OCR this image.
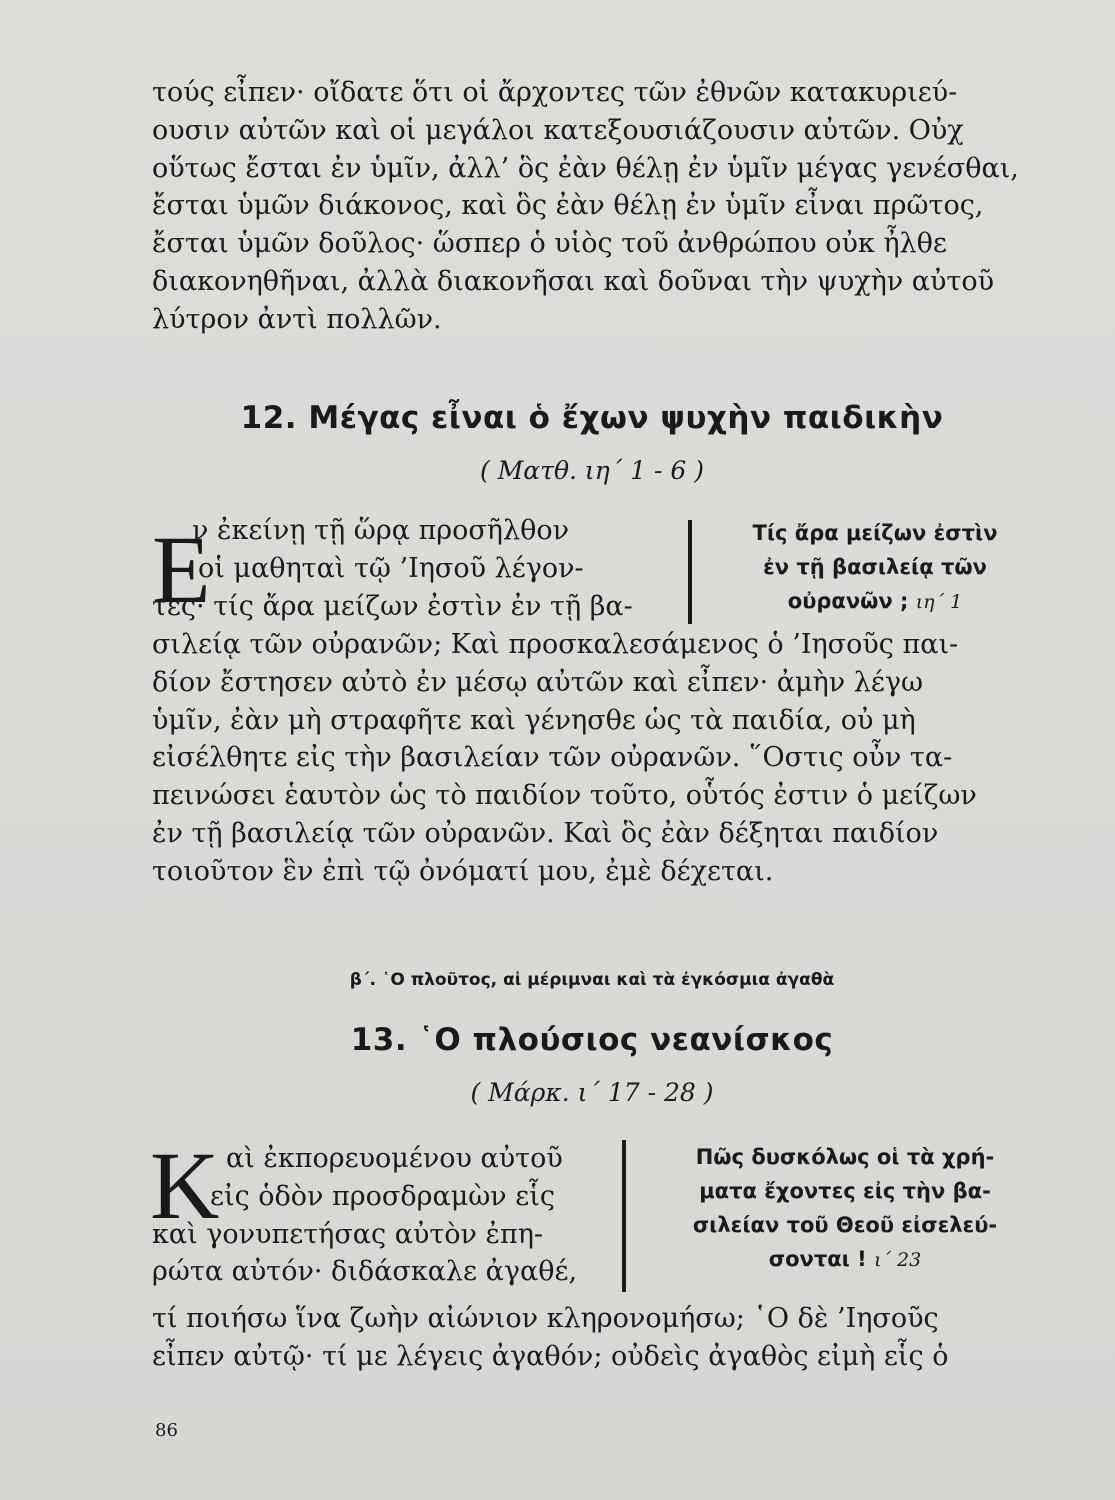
τούς εἶπεν· οἴδατε ὅτι οἱ ἄρχοντες τῶν ἐθνῶν κατακυριεύ-
ουσιν αὐτῶν καὶ οἱ μεγάλοι κατεξουσιάζουσιν αὐτῶν. Οὐχ
οὕτως ἔσται ἐν ὑμῖν, ἀλλ’ ὃς ἐὰν θέλῃ ἐν ὑμῖν μέγας γενέσθαι,
ἔσται ὑμῶν διάκονος, καὶ ὃς ἐὰν θέλῃ ἐν ὑμῖν εἶναι πρῶτος,
ἔσται ὑμῶν δοῦλος· ὥσπερ ὁ υἱὸς τοῦ ἀνθρώπου οὐκ ἦλθε
διακονηθῆναι, ἀλλὰ διακονῆσαι καὶ δοῦναι τὴν ψυχὴν αὐτοῦ
λύτρον ἀντὶ πολλῶν.
12. Μέγας εἶναι ὁ ἔχων ψυχὴν παιδικὴν

( Ματθ. ιη΄ 1 - 6 )

Ε
ν ἐκείνῃ τῇ ὥρᾳ προσῆλθον
οἱ μαθηταὶ τῷ ’Ιησοῦ λέγον-
τες· τίς ἄρα μείζων ἐστὶν ἐν τῇ βα-
Τίς ἄρα μείζων ἐστὶν
ἐν τῇ βασιλείᾳ τῶν
οὐρανῶν ; ιη΄ 1
σιλείᾳ τῶν οὐρανῶν; Καὶ προσκαλεσάμενος ὁ ’Ιησοῦς παι-
δίον ἔστησεν αὐτὸ ἐν μέσῳ αὐτῶν καὶ εἶπεν· ἀμὴν λέγω
ὑμῖν, ἐὰν μὴ στραφῆτε καὶ γένησθε ὡς τὰ παιδία, οὐ μὴ
εἰσέλθητε εἰς τὴν βασιλείαν τῶν οὐρανῶν. ῞Οστις οὖν τα-
πεινώσει ἑαυτὸν ὡς τὸ παιδίον τοῦτο, οὗτός ἐστιν ὁ μείζων
ἐν τῇ βασιλείᾳ τῶν οὐρανῶν. Καὶ ὃς ἐὰν δέξηται παιδίον
τοιοῦτον ἓν ἐπὶ τῷ ὀνόματί μου, ἐμὲ δέχεται.
β΄. ῾Ο πλοῦτος, αἱ μέριμναι καὶ τὰ ἐγκόσμια ἀγαθὰ
13. ῾Ο πλούσιος νεανίσκος

( Μάρκ. ι΄ 17 - 28 )

Κ αὶ ἐκπορευομένου αὐτοῦ
εἰς ὁδὸν προσδραμὼν εἷς
καὶ γονυπετήσας αὐτὸν ἐπη-
ρώτα αὐτόν· διδάσκαλε ἀγαθέ,
Πῶς δυσκόλως οἱ τὰ χρή-
ματα ἔχοντες εἰς τὴν βα-
σιλείαν τοῦ Θεοῦ εἰσελεύ-
σονται ! ι΄ 23
τί ποιήσω ἵνα ζωὴν αἰώνιον κληρονομήσω; ῾Ο δὲ ’Ιησοῦς
εἶπεν αὐτῷ· τί με λέγεις ἀγαθόν; οὐδεὶς ἀγαθὸς εἰμὴ εἷς ὁ
86
